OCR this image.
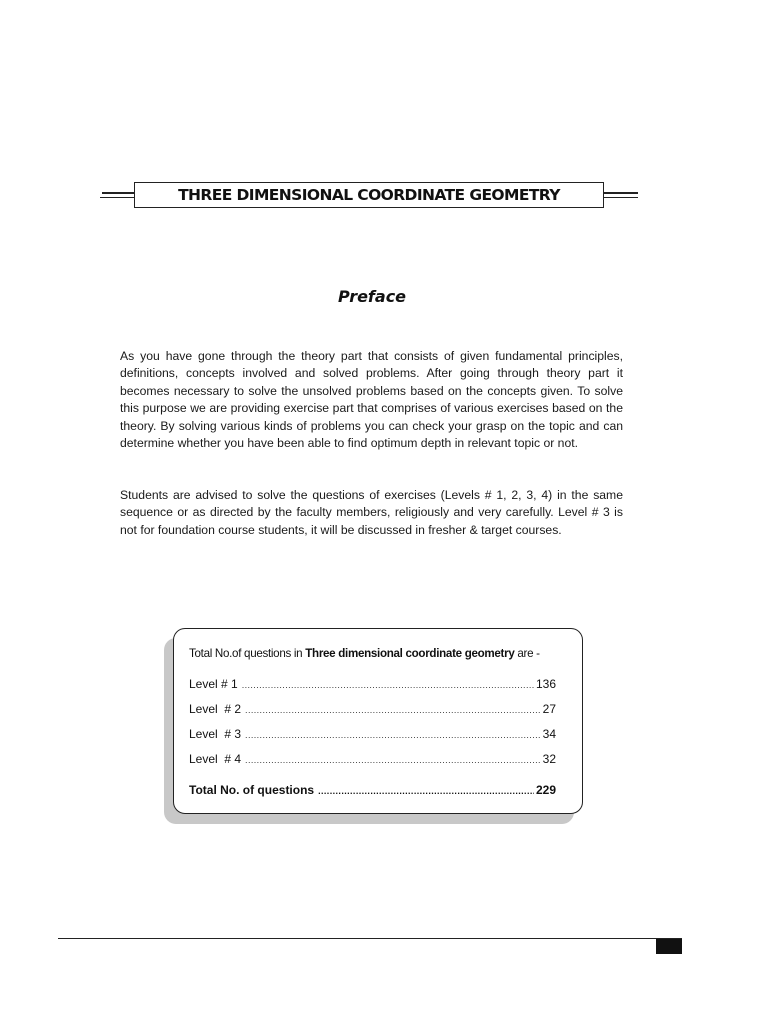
THREE DIMENSIONAL COORDINATE GEOMETRY
Preface

As you have gone through the theory part that consists of given fundamental principles, definitions, concepts involved and solved problems. After going through theory part it becomes necessary to solve the unsolved problems based on the concepts given. To solve this purpose we are providing exercise part that comprises of various exercises based on the theory. By solving various kinds of problems you can check your grasp on the topic and can determine whether you have been able to find optimum depth in relevant topic or not.

Students are advised to solve the questions of exercises (Levels # 1, 2, 3, 4) in the same sequence or as directed by the faculty members, religiously and very carefully. Level # 3 is not for foundation course students, it will be discussed in fresher & target courses.

Total No.of questions in Three dimensional coordinate geometry are -
Level # 1 .....	136
Level  # 2 .....	27
Level  # 3 .....	34
Level  # 4 .....	32
Total No. of questions .....	229
